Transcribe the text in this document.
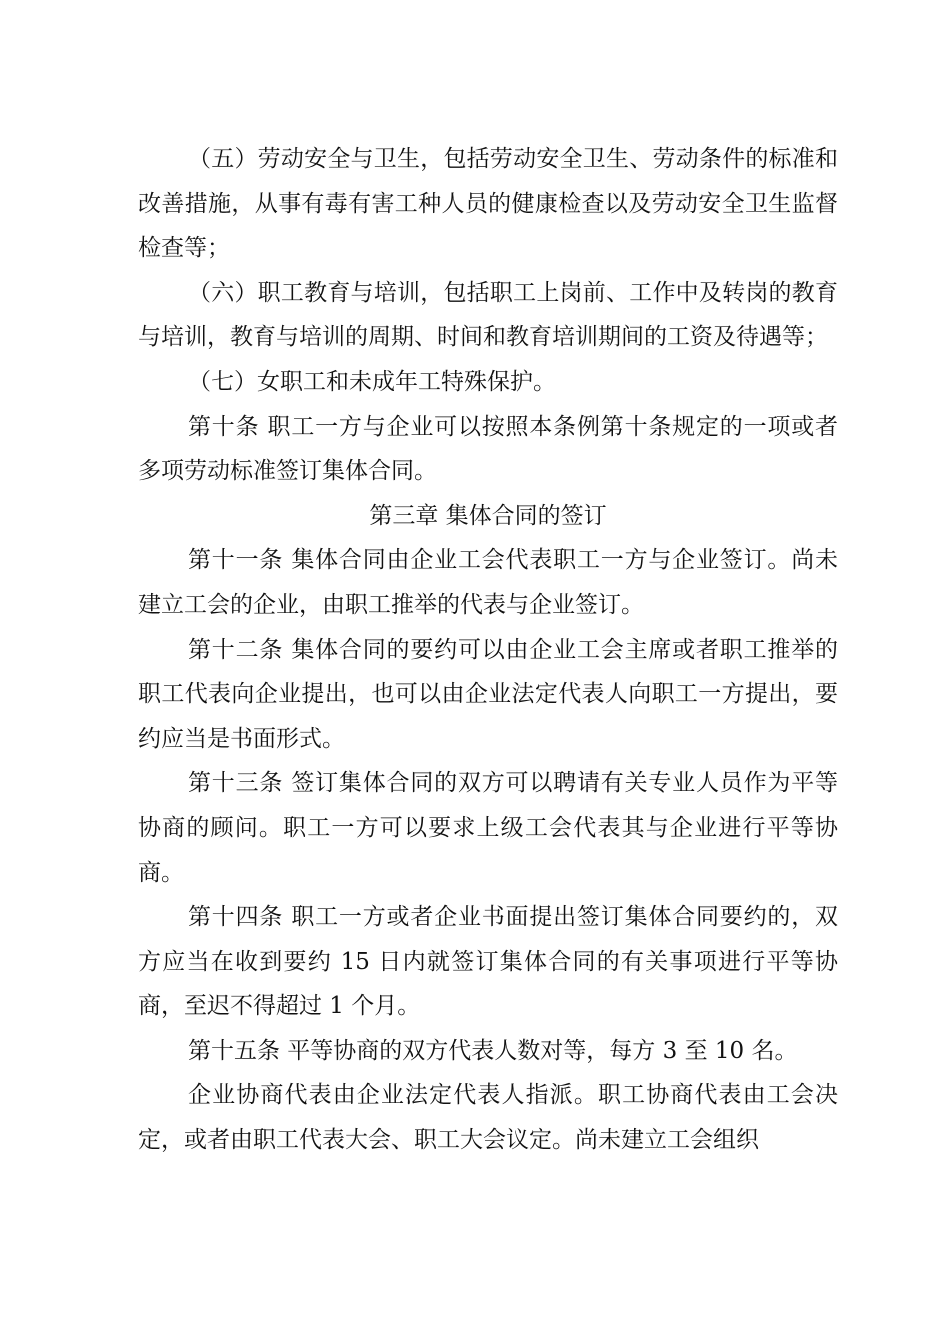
（五）劳动安全与卫生，包括劳动安全卫生、劳动条件的标准和改善措施，从事有毒有害工种人员的健康检查以及劳动安全卫生监督检查等；

（六）职工教育与培训，包括职工上岗前、工作中及转岗的教育与培训，教育与培训的周期、时间和教育培训期间的工资及待遇等；

（七）女职工和未成年工特殊保护。

第十条 职工一方与企业可以按照本条例第十条规定的一项或者多项劳动标准签订集体合同。

第三章 集体合同的签订

第十一条 集体合同由企业工会代表职工一方与企业签订。尚未建立工会的企业，由职工推举的代表与企业签订。

第十二条 集体合同的要约可以由企业工会主席或者职工推举的职工代表向企业提出，也可以由企业法定代表人向职工一方提出，要约应当是书面形式。

第十三条 签订集体合同的双方可以聘请有关专业人员作为平等协商的顾问。职工一方可以要求上级工会代表其与企业进行平等协商。

第十四条 职工一方或者企业书面提出签订集体合同要约的，双方应当在收到要约 15 日内就签订集体合同的有关事项进行平等协商，至迟不得超过 1 个月。

第十五条 平等协商的双方代表人数对等，每方 3 至 10 名。

企业协商代表由企业法定代表人指派。职工协商代表由工会决定，或者由职工代表大会、职工大会议定。尚未建立工会组织
